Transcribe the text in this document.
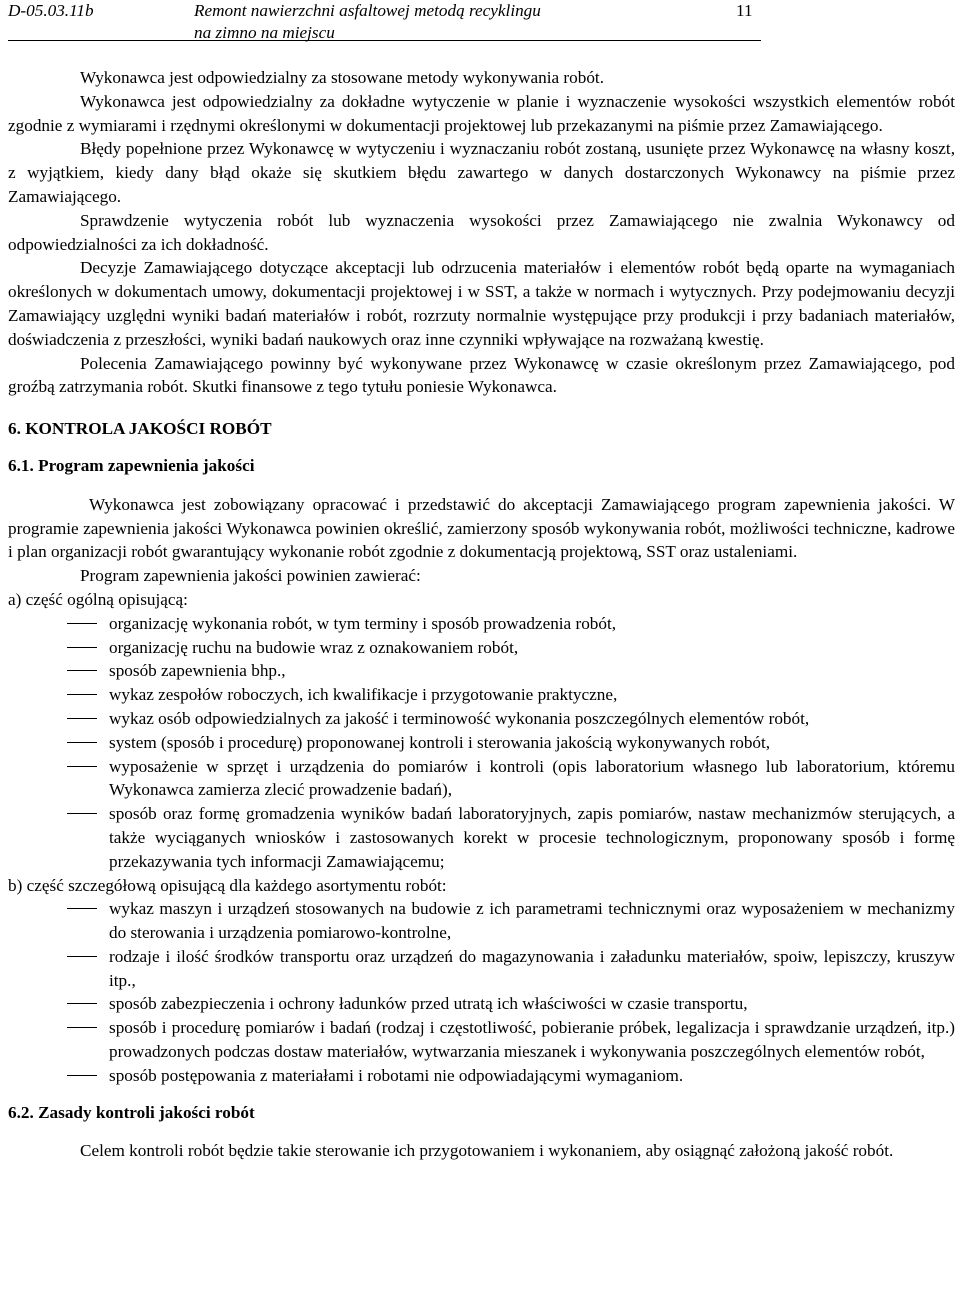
D-05.03.11b	Remont nawierzchni asfaltowej metodą recyklingu
na zimno na miejscu
11

Wykonawca jest odpowiedzialny za stosowane metody wykonywania robót.

Wykonawca jest odpowiedzialny za dokładne wytyczenie w planie i wyznaczenie wysokości wszystkich elementów robót zgodnie z wymiarami i rzędnymi określonymi w dokumentacji projektowej lub przekazanymi na piśmie przez Zamawiającego.

Błędy popełnione przez Wykonawcę w wytyczeniu i wyznaczaniu robót zostaną, usunięte przez Wykonawcę na własny koszt, z wyjątkiem, kiedy dany błąd okaże się skutkiem błędu zawartego w danych dostarczonych Wykonawcy na piśmie przez Zamawiającego.

Sprawdzenie wytyczenia robót lub wyznaczenia wysokości przez Zamawiającego nie zwalnia Wykonawcy od odpowiedzialności za ich dokładność.

Decyzje Zamawiającego dotyczące akceptacji lub odrzucenia materiałów i elementów robót będą oparte na wymaganiach określonych w dokumentach umowy, dokumentacji projektowej i w SST, a także w normach i wytycznych. Przy podejmowaniu decyzji Zamawiający uzględni wyniki badań materiałów i robót, rozrzuty normalnie występujące przy produkcji i przy badaniach materiałów, doświadczenia z przeszłości, wyniki badań naukowych oraz inne czynniki wpływające na rozważaną kwestię.

Polecenia Zamawiającego powinny być wykonywane przez Wykonawcę w czasie określonym przez Zamawiającego, pod groźbą zatrzymania robót. Skutki finansowe z tego tytułu poniesie Wykonawca.

6. KONTROLA JAKOŚCI ROBÓT
6.1. Program zapewnienia jakości

Wykonawca jest zobowiązany opracować i przedstawić do akceptacji Zamawiającego program zapewnienia jakości. W programie zapewnienia jakości Wykonawca powinien określić, zamierzony sposób wykonywania robót, możliwości techniczne, kadrowe i plan organizacji robót gwarantujący wykonanie robót zgodnie z dokumentacją projektową, SST oraz ustaleniami.

Program zapewnienia jakości powinien zawierać:

a) część ogólną opisującą:

organizację wykonania robót, w tym terminy i sposób prowadzenia robót,
organizację ruchu na budowie wraz z oznakowaniem robót,
sposób zapewnienia bhp.,
wykaz zespołów roboczych, ich kwalifikacje i przygotowanie praktyczne,
wykaz osób odpowiedzialnych za jakość i terminowość wykonania poszczególnych elementów robót,
system (sposób i procedurę) proponowanej kontroli i sterowania jakością wykonywanych robót,
wyposażenie w sprzęt i urządzenia do pomiarów i kontroli (opis laboratorium własnego lub laboratorium, któremu Wykonawca zamierza zlecić prowadzenie badań),
sposób oraz formę gromadzenia wyników badań laboratoryjnych, zapis pomiarów, nastaw mechanizmów sterujących, a także wyciąganych wniosków i zastosowanych korekt w procesie technologicznym, proponowany sposób i formę przekazywania tych informacji Zamawiającemu;

b) część szczegółową opisującą dla każdego asortymentu robót:

wykaz maszyn i urządzeń stosowanych na budowie z ich parametrami technicznymi oraz wyposażeniem w mechanizmy do sterowania i urządzenia pomiarowo-kontrolne,
rodzaje i ilość środków transportu oraz urządzeń do magazynowania i załadunku materiałów, spoiw, lepiszczy, kruszyw itp.,
sposób zabezpieczenia i ochrony ładunków przed utratą ich właściwości w czasie transportu,
sposób i procedurę pomiarów i badań (rodzaj i częstotliwość, pobieranie próbek, legalizacja i sprawdzanie urządzeń, itp.) prowadzonych podczas dostaw materiałów, wytwarzania mieszanek i wykonywania poszczególnych elementów robót,
sposób postępowania z materiałami i robotami nie odpowiadającymi wymaganiom.
6.2. Zasady kontroli jakości robót

Celem kontroli robót będzie takie sterowanie ich przygotowaniem i wykonaniem, aby osiągnąć założoną jakość robót.
